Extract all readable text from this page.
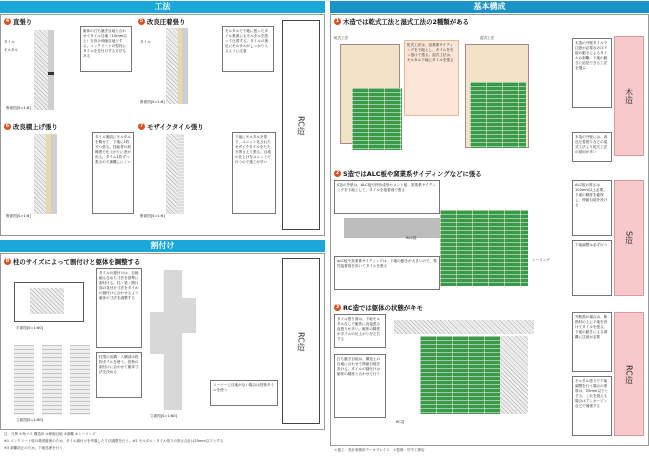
工法	基本構成
4 直張り	5 改良圧着張り
タイル
モルタル
断面図[S=1:6]
躯体の打ち継ぎ目地と合わせてタイル目地（10mm以上）を設け伸縮目地とする。コンクリートの型枠にタイルを先付けする方法もある
タイル
断面図[S=1:6]
モルタルで下地に張ったタイル裏面にもモルタルを塗って圧着する。タイルの裏足にモルタルがしっかり入るように注意
RC造
6 改良積上げ張り	7 モザイクタイル張り
断面図[S=1:6]
タイル裏面にモルタルを載せて、下地に1枚ずつ張る。技能者の熟練度で仕上がりに差が出る。タイル1枚ずつ張るので剥離しにくい
断面図[S=1:6]
下地にモルタルを塗り、ユニット化されたモザイクタイルをたたき押さえて張る。目地の仕上げをユニットで行うので施工が早い
割付け
8 柱のサイズによって割付けと躯体を調整する
平面図[S=1:60]
立面図[S=1:60]
タイルの割付けは、目地幅も含めた寸法を基準に割付ける。柱・梁・開口部の見付け寸法をタイルの割付けに合わせるよう躯体の寸法を調整する
柱型の出隅・入隅部は役物タイルを使う。役物の割付けに合わせて躯体寸法を決める
立面図[S=1:60]
コーナーに目地がない場合は役物タイルを使う
RC造
注：凡例 ①角マス 構造体 ②伸縮目地 ③剥離 ④シーリング
※1 コンクリート壁の精度確保のため、タイル割付けを考慮した寸法調整を行う。※2 モルタル・タイル張りの厚さ合計は25mm以下とする
※3 剥離防止のため、下地処理を行う
1 木造では乾式工法と湿式工法の2種類がある
乾式工法	湿式工法
乾式工法は、窯業系サイディングを下地とし、タイルを引っ掛けて張る。湿式工法は、モルタル下地にタイルを張る
木造の外壁タイルで注意が必要なのは下地の動きによるタイルの剥離。下地の動きに追従できる工法を選ぶ
木造の外壁には、改良圧着張りなどの湿式工法より乾式工法の採用が多い
木造
2 S造ではALC板や窯業系サイディングなどに張る
S造の外壁は、ALC板や押出成形セメント板、窯業系サイディングを下地として、タイルを接着剤で張る
ALC板
シーリング
ALC板や窯業系サイディングは、下地の動きが大きいので、弾性接着剤を用いてタイルを張る
ALC板の厚さは100mm以上必要。下地の精度を確保し、伸縮目地を設ける
下地調整は必ず行う
S造
3 RC造では躯体の状態がキモ
タイル張り面は、下地モルタルなしで躯体に直接張る直張りが多い。躯体の精度がタイルの仕上がりを左右する
打ち継ぎ目地は、構造上の目地に合わせて伸縮目地を設ける。タイルの割付けは躯体の精度と合わせて行う
RC造
外断熱の場合は、断熱材の上に下地を設けてタイルを張る。下地の動きによる剥離に注意が必要
モルタル塗りで下地調整を行う場合の塗厚は、25mm以下とする。これを超える場合はアンカーピンなどで補強する
RC造
＊施工：設計事務所アーキプレイス　＊監修：竹中工務店
